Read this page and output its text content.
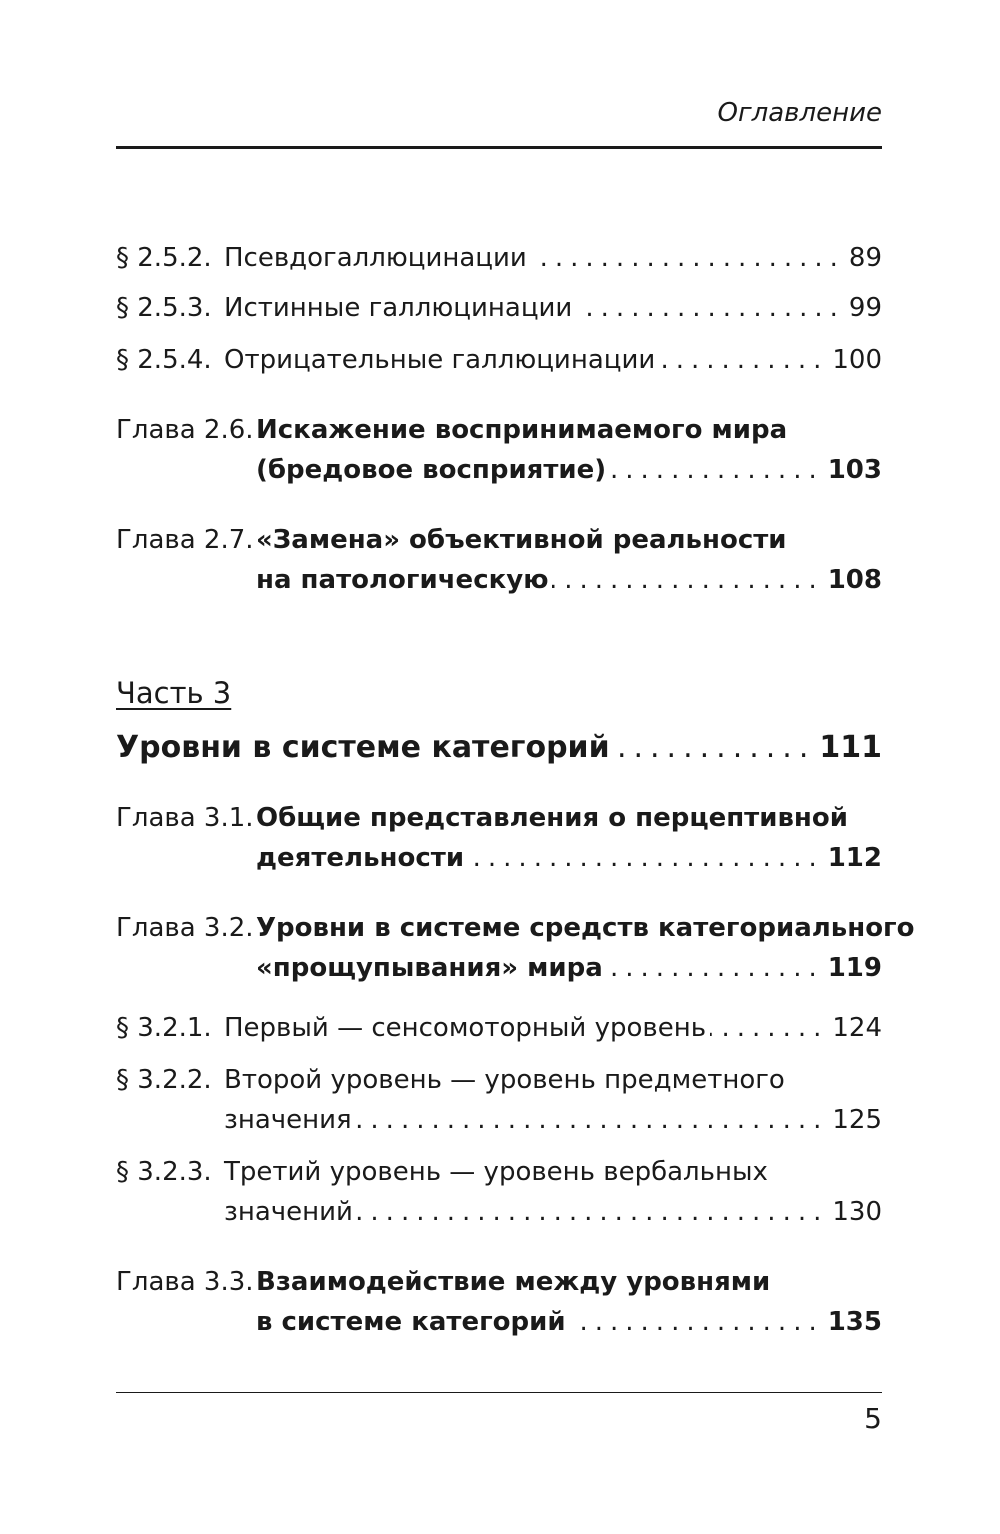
Оглавление
§ 2.5.2. Псевдогаллюцинации .....	89
§ 2.5.3. Истинные галлюцинации .....	99
§ 2.5.4. Отрицательные галлюцинации .....	100
Глава 2.6. Искажение воспринимаемого мира
(бредовое восприятие) .....	103
Глава 2.7. «Замена» объективной реальности
на патологическую .....	108
Глава 3.1. Общие представления о перцептивной
деятельности .....	112
Глава 3.2. Уровни в системе средств категориального
«прощупывания» мира .....	119
§ 3.2.1. Первый — сенсомоторный уровень .....	124
§ 3.2.2. Второй уровень — уровень предметного
значения .....	125
§ 3.2.3. Третий уровень — уровень вербальных
значений .....	130
Глава 3.3. Взаимодействие между уровнями
в системе категорий .....	135
Часть 3
Уровни в системе категорий .....	111
5
